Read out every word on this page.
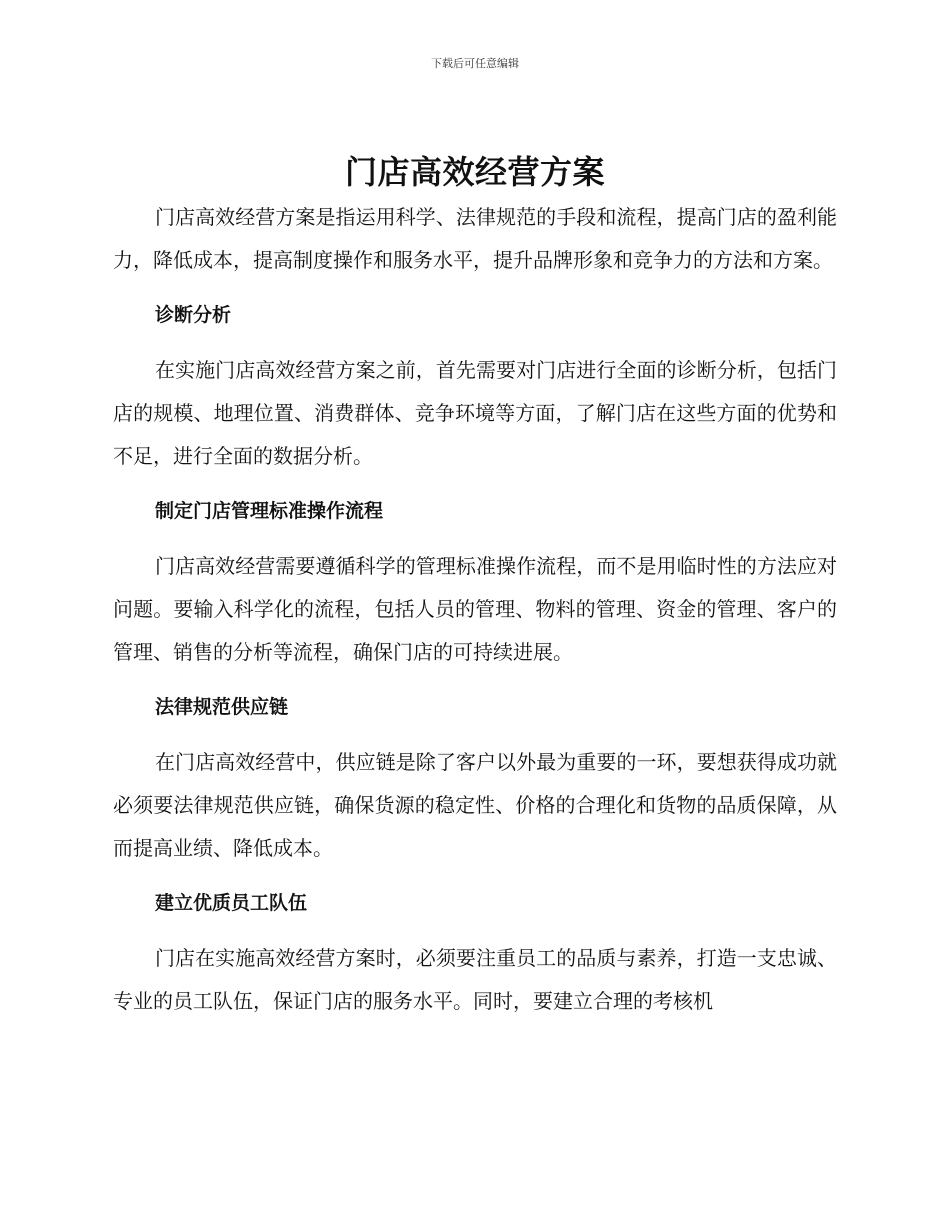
下载后可任意编辑
门店高效经营方案

门店高效经营方案是指运用科学、法律规范的手段和流程，提高门店的盈利能力，降低成本，提高制度操作和服务水平，提升品牌形象和竞争力的方法和方案。

诊断分析

在实施门店高效经营方案之前，首先需要对门店进行全面的诊断分析，包括门店的规模、地理位置、消费群体、竞争环境等方面，了解门店在这些方面的优势和不足，进行全面的数据分析。

制定门店管理标准操作流程

门店高效经营需要遵循科学的管理标准操作流程，而不是用临时性的方法应对问题。要输入科学化的流程，包括人员的管理、物料的管理、资金的管理、客户的管理、销售的分析等流程，确保门店的可持续进展。

法律规范供应链

在门店高效经营中，供应链是除了客户以外最为重要的一环，要想获得成功就必须要法律规范供应链，确保货源的稳定性、价格的合理化和货物的品质保障，从而提高业绩、降低成本。

建立优质员工队伍

门店在实施高效经营方案时，必须要注重员工的品质与素养，打造一支忠诚、专业的员工队伍，保证门店的服务水平。同时，要建立合理的考核机
